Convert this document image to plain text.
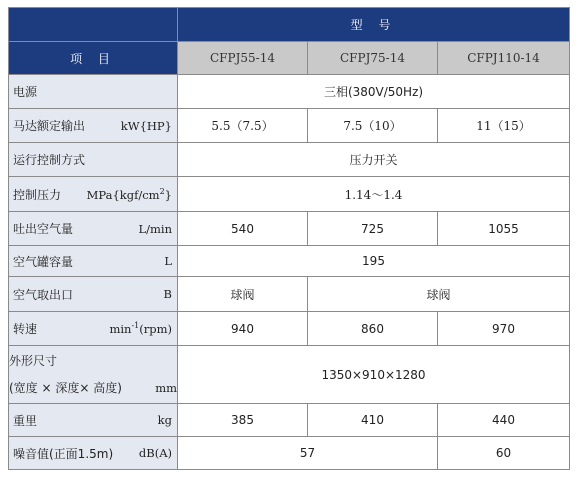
	型 号		
项 目	CFPJ55-14	CFPJ75-14	CFPJ110-14

电源	三相(380V/50Hz)		

马达额定输出 kW{HP}	5.5（7.5）	7.5（10）	11（15）

运行控制方式	压力开关		

控制压力 $MPa\{kgf/cm^2\}$	1.14～1.4		

吐出空气量 L/min	540	725	1055

空气罐容量 L	195		

空气取出口 B	球阀	球阀	

转速 $\min^{-1}(rpm)$	940	860	970

外形尺寸
(宽度 × 深度× 高度) mm	1350×910×1280		

重里 kg	385	410	440

噪音值(正面1.5m) dB(A)	57		60
